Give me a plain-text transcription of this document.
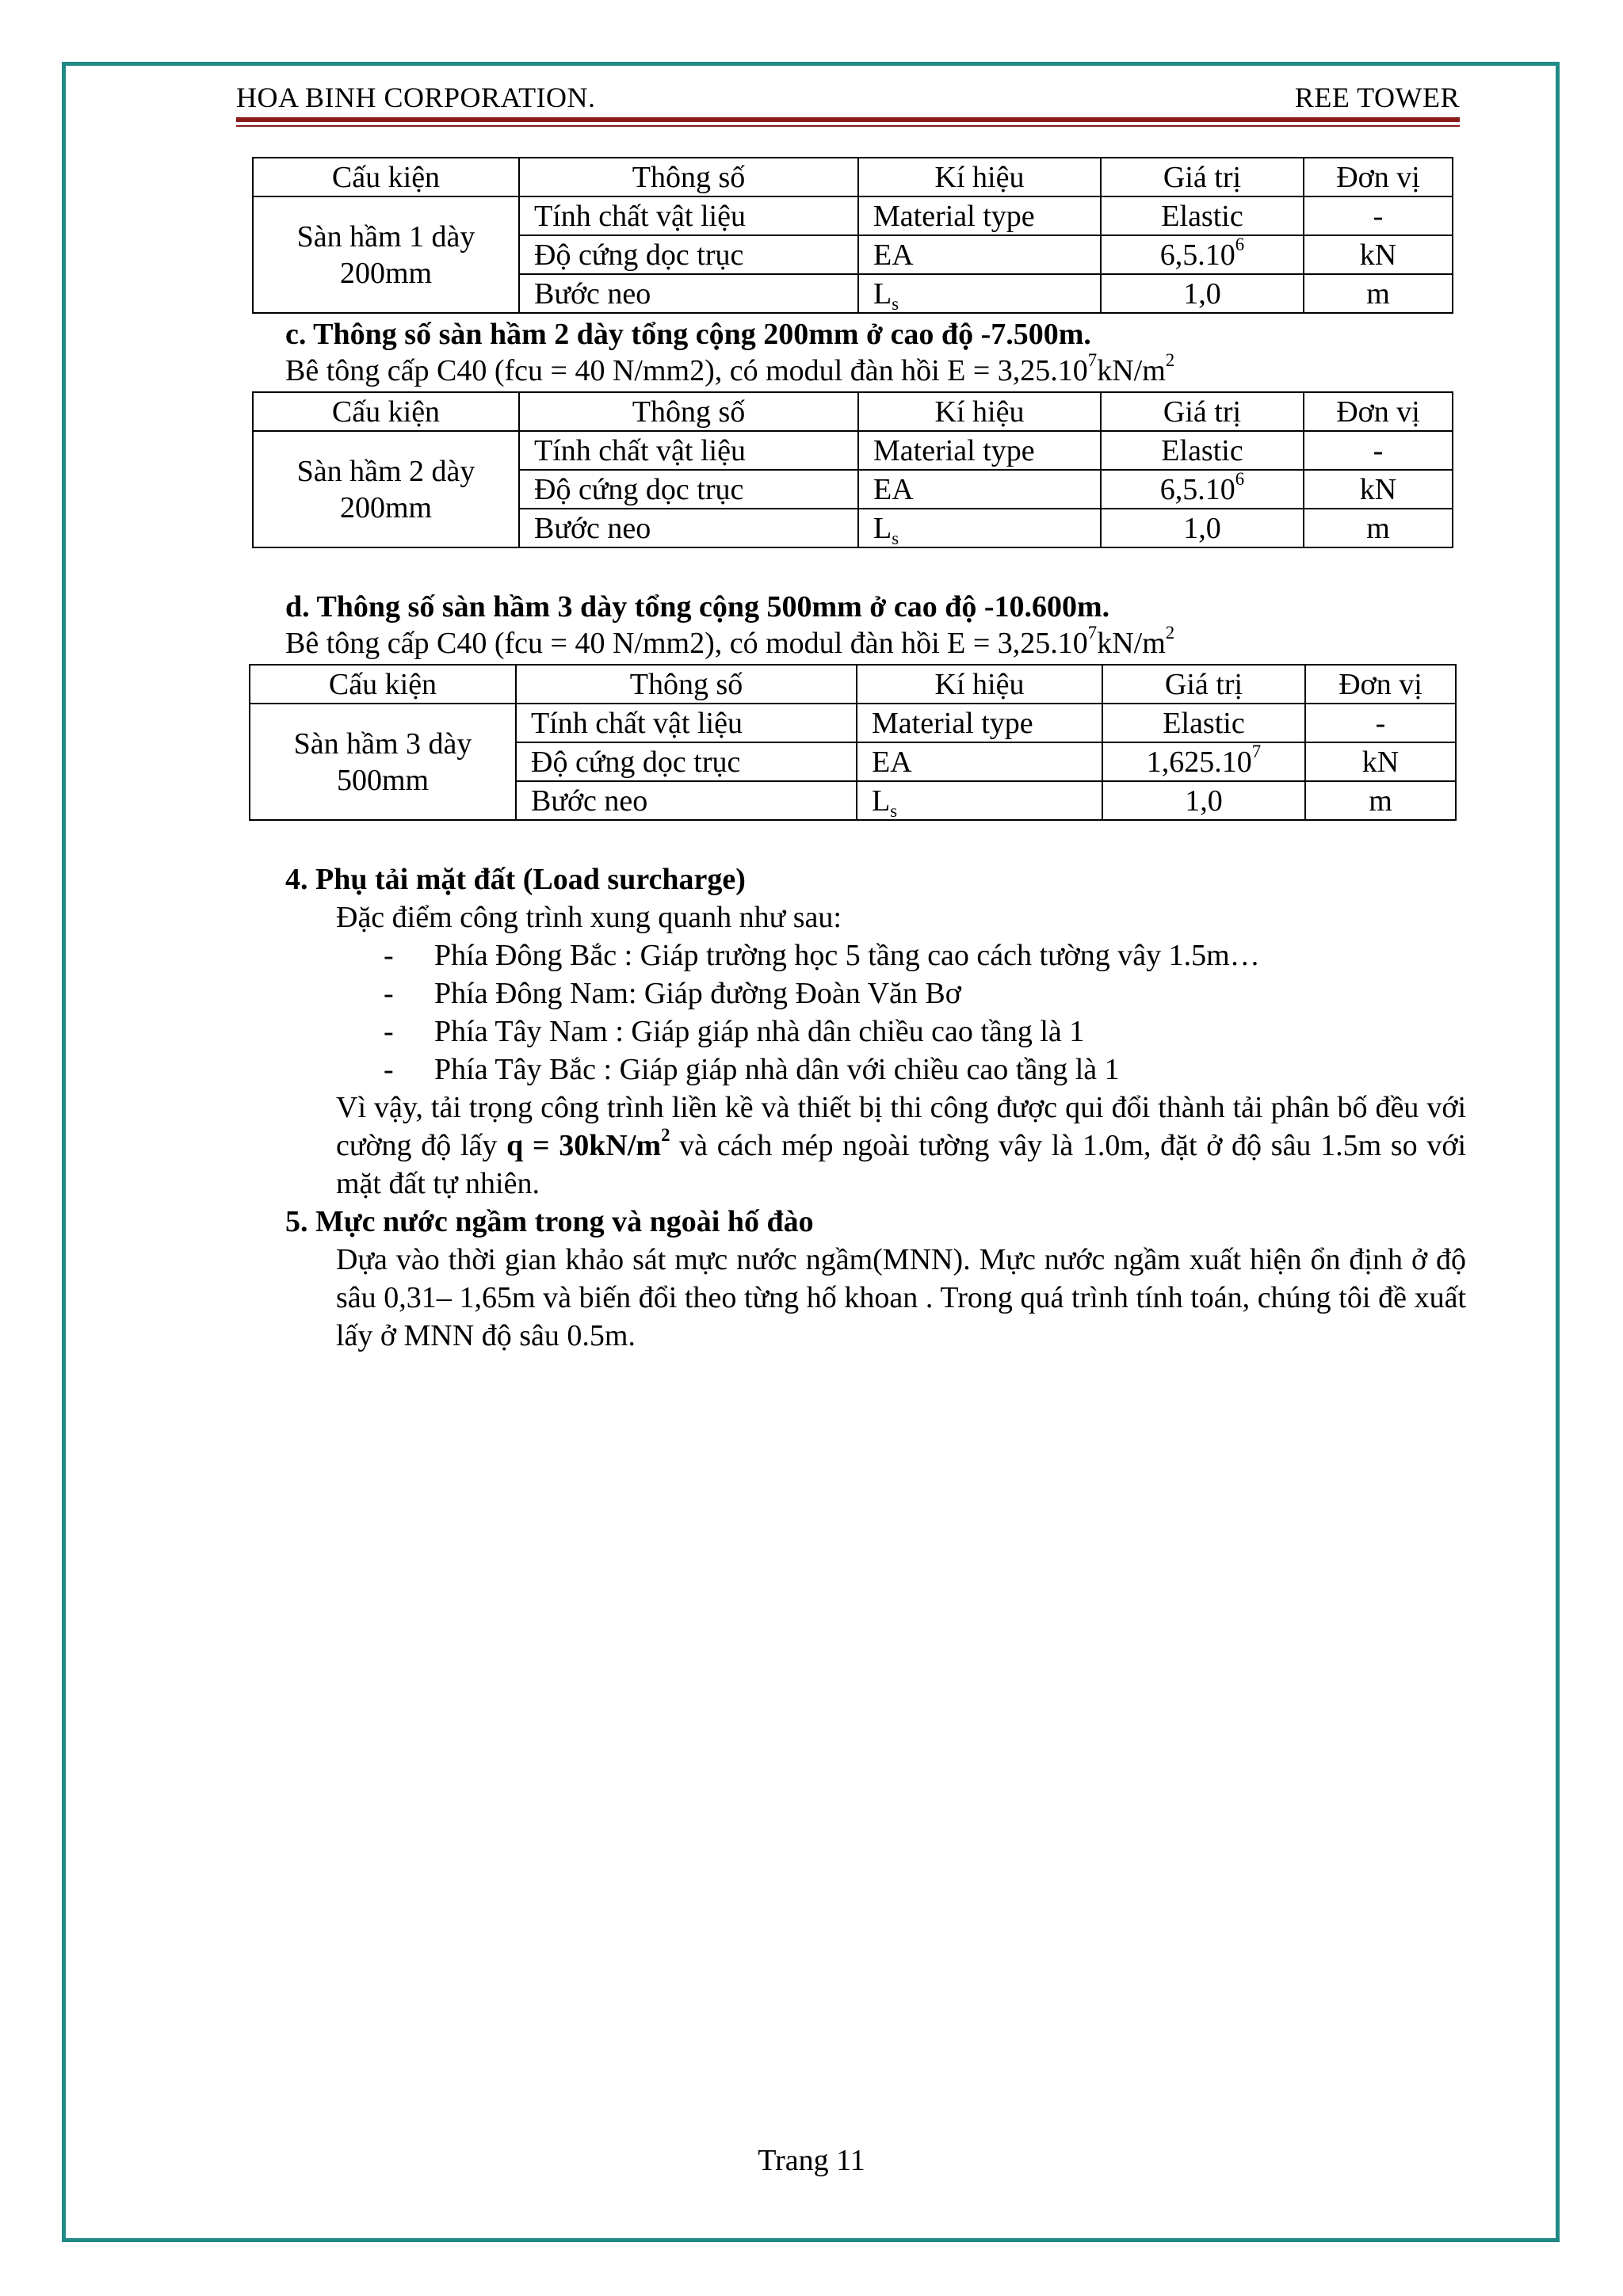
HOA BINH CORPORATION.	REE TOWER
Cấu kiện	Thông số	Kí hiệu	Giá trị	Đơn vị
Sàn hầm 1 dày 200mm	Tính chất vật liệu	Material type	Elastic	-
	Độ cứng dọc trục	EA	6,5.10$^6$	kN
	Bước neo	$L_s$	1,0	m
c. Thông số sàn hầm 2 dày tổng cộng 200mm ở cao độ -7.500m.
Bê tông cấp C40 (fcu = 40 N/mm2), có modul đàn hồi $E = 3,25.10^7kN/m^2$
Cấu kiện	Thông số	Kí hiệu	Giá trị	Đơn vị
Sàn hầm 2 dày 200mm	Tính chất vật liệu	Material type	Elastic	-
	Độ cứng dọc trục	EA	6,5.10$^6$	kN
	Bước neo	$L_s$	1,0	m
d. Thông số sàn hầm 3 dày tổng cộng 500mm ở cao độ -10.600m.
Bê tông cấp C40 (fcu = 40 N/mm2), có modul đàn hồi $E = 3,25.10^7kN/m^2$
Cấu kiện	Thông số	Kí hiệu	Giá trị	Đơn vị
Sàn hầm 3 dày 500mm	Tính chất vật liệu	Material type	Elastic	-
	Độ cứng dọc trục	EA	1,625.10$^7$	kN
	Bước neo	$L_s$	1,0	m
4. Phụ tải mặt đất (Load surcharge)
Đặc điểm công trình xung quanh như sau:
- Phía Đông Bắc : Giáp trường học 5 tầng cao cách tường vây 1.5m…
- Phía Đông Nam: Giáp đường Đoàn Văn Bơ
- Phía Tây Nam : Giáp giáp nhà dân chiều cao tầng là 1
- Phía Tây Bắc : Giáp giáp nhà dân với chiều cao tầng là 1
Vì vậy, tải trọng công trình liền kề và thiết bị thi công được qui đổi thành tải phân bố đều với cường độ lấy $q = 30kN/m^2$ và cách mép ngoài tường vây là 1.0m, đặt ở độ sâu 1.5m so với mặt đất tự nhiên.
5. Mực nước ngầm trong và ngoài hố đào
Dựa vào thời gian khảo sát mực nước ngầm(MNN). Mực nước ngầm xuất hiện ổn định ở độ sâu 0,31– 1,65m và biến đổi theo từng hố khoan . Trong quá trình tính toán, chúng tôi đề xuất lấy ở MNN độ sâu 0.5m.
Trang 11
